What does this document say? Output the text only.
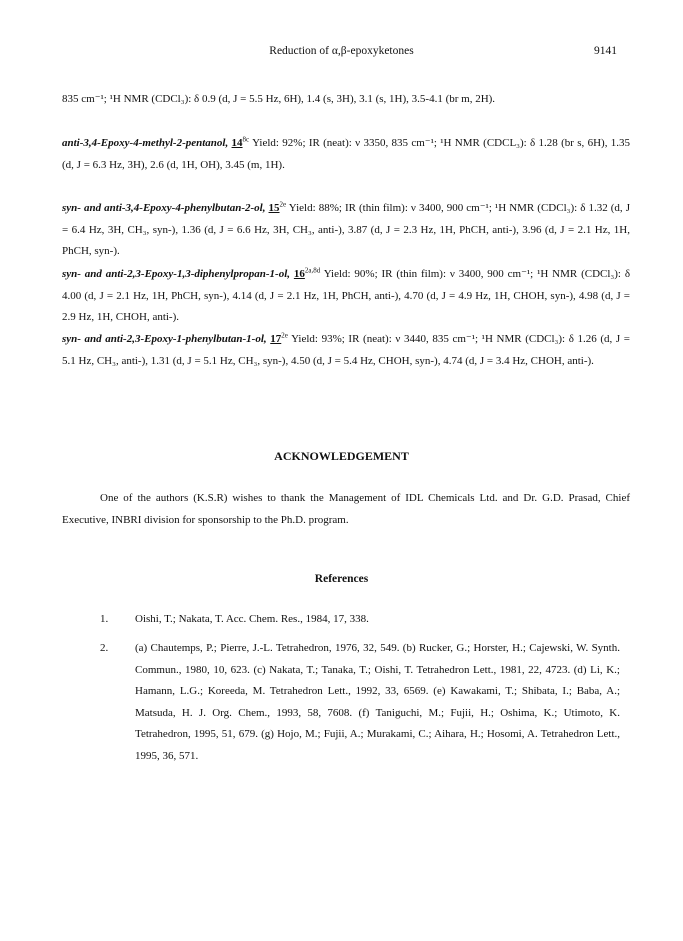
Reduction of α,β-epoxyketones	9141
835 cm⁻¹; ¹H NMR (CDCl₃): δ 0.9 (d, J = 5.5 Hz, 6H), 1.4 (s, 3H), 3.1 (s, 1H), 3.5-4.1 (br m, 2H).
anti-3,4-Epoxy-4-methyl-2-pentanol, $14^{8c}$ Yield: 92%; IR (neat): ν 3350, 835 cm⁻¹; ¹H NMR (CDCL₃): δ 1.28 (br s, 6H), 1.35 (d, J = 6.3 Hz, 3H), 2.6 (d, 1H, OH), 3.45 (m, 1H).
syn- and anti-3,4-Epoxy-4-phenylbutan-2-ol, $15^{2e}$ Yield: 88%; IR (thin film): ν 3400, 900 cm⁻¹; ¹H NMR (CDCl₃): δ 1.32 (d, J = 6.4 Hz, 3H, CH₃, syn-), 1.36 (d, J = 6.6 Hz, 3H, CH₃, anti-), 3.87 (d, J = 2.3 Hz, 1H, PhCH, anti-), 3.96 (d, J = 2.1 Hz, 1H, PhCH, syn-).
syn- and anti-2,3-Epoxy-1,3-diphenylpropan-1-ol, $16^{2a,8d}$ Yield: 90%; IR (thin film): ν 3400, 900 cm⁻¹; ¹H NMR (CDCl₃): δ 4.00 (d, J = 2.1 Hz, 1H, PhCH, syn-), 4.14 (d, J = 2.1 Hz, 1H, PhCH, anti-), 4.70 (d, J = 4.9 Hz, 1H, CHOH, syn-), 4.98 (d, J = 2.9 Hz, 1H, CHOH, anti-).
syn- and anti-2,3-Epoxy-1-phenylbutan-1-ol, $17^{2e}$ Yield: 93%; IR (neat): ν 3440, 835 cm⁻¹; ¹H NMR (CDCl₃): δ 1.26 (d, J = 5.1 Hz, CH₃, anti-), 1.31 (d, J = 5.1 Hz, CH₃, syn-), 4.50 (d, J = 5.4 Hz, CHOH, syn-), 4.74 (d, J = 3.4 Hz, CHOH, anti-).
ACKNOWLEDGEMENT
One of the authors (K.S.R) wishes to thank the Management of IDL Chemicals Ltd. and Dr. G.D. Prasad, Chief Executive, INBRI division for sponsorship to the Ph.D. program.
References
1.	Oishi, T.; Nakata, T. Acc. Chem. Res., 1984, 17, 338.
2.	(a) Chautemps, P.; Pierre, J.-L. Tetrahedron, 1976, 32, 549. (b) Rucker, G.; Horster, H.; Cajewski, W. Synth. Commun., 1980, 10, 623. (c) Nakata, T.; Tanaka, T.; Oishi, T. Tetrahedron Lett., 1981, 22, 4723. (d) Li, K.; Hamann, L.G.; Koreeda, M. Tetrahedron Lett., 1992, 33, 6569. (e) Kawakami, T.; Shibata, I.; Baba, A.; Matsuda, H. J. Org. Chem., 1993, 58, 7608. (f) Taniguchi, M.; Fujii, H.; Oshima, K.; Utimoto, K. Tetrahedron, 1995, 51, 679. (g) Hojo, M.; Fujii, A.; Murakami, C.; Aihara, H.; Hosomi, A. Tetrahedron Lett., 1995, 36, 571.
